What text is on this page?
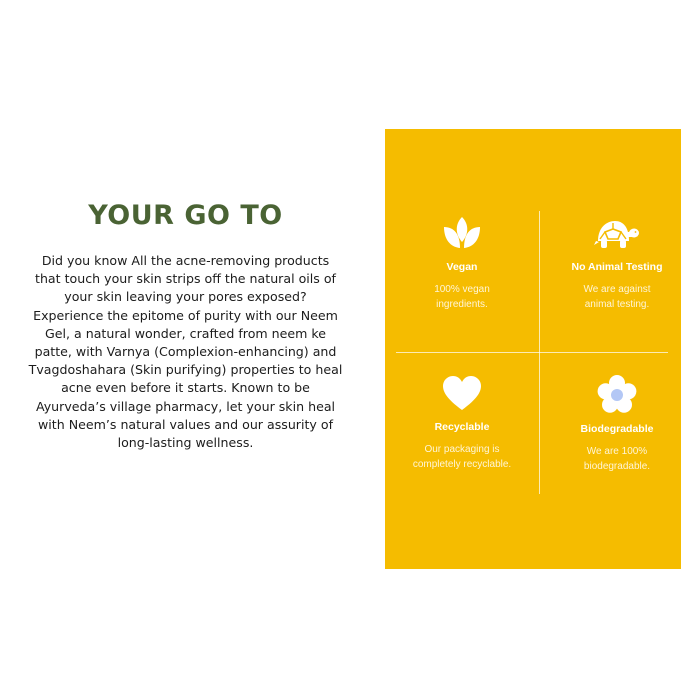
YOUR GO TO

Did you know All the acne-removing products
that touch your skin strips off the natural oils of
your skin leaving your pores exposed?
Experience the epitome of purity with our Neem
Gel, a natural wonder, crafted from neem ke
patte, with Varnya (Complexion-enhancing) and
Tvagdoshahara (Skin purifying) properties to heal
acne even before it starts. Known to be
Ayurveda’s village pharmacy, let your skin heal
with Neem’s natural values and our assurity of
long-lasting wellness.

Vegan
100% vegan
ingredients.
No Animal Testing
We are against
animal testing.
Recyclable
Our packaging is
completely recyclable.
Biodegradable
We are 100%
biodegradable.
